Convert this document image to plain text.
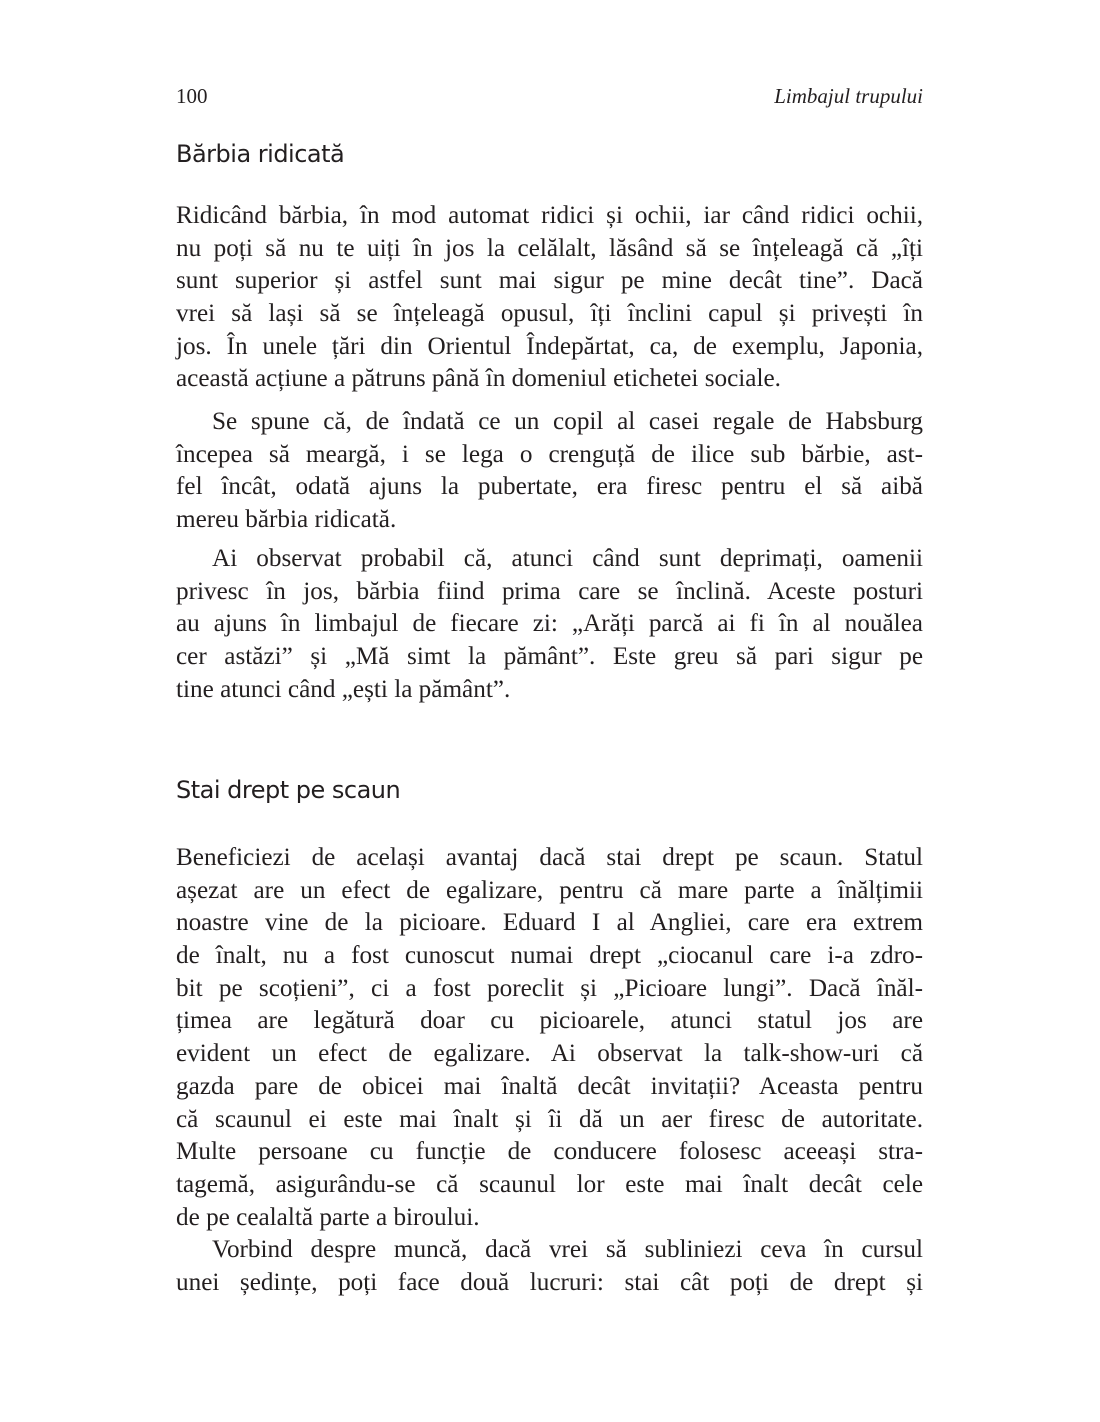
100	Limbajul trupului
Bărbia ridicată
Ridicând bărbia, în mod automat ridici și ochii, iar când ridici ochii,
nu poți să nu te uiți în jos la celălalt, lăsând să se înțeleagă că „îți
sunt superior și astfel sunt mai sigur pe mine decât tine”. Dacă
vrei să lași să se înțeleagă opusul, îți înclini capul și privești în
jos. În unele țări din Orientul Îndepărtat, ca, de exemplu, Japonia,
această acțiune a pătruns până în domeniul etichetei sociale.
Se spune că, de îndată ce un copil al casei regale de Habsburg
începea să meargă, i se lega o crenguță de ilice sub bărbie, ast-
fel încât, odată ajuns la pubertate, era firesc pentru el să aibă
mereu bărbia ridicată.
Ai observat probabil că, atunci când sunt deprimați, oamenii
privesc în jos, bărbia fiind prima care se înclină. Aceste posturi
au ajuns în limbajul de fiecare zi: „Arăți parcă ai fi în al nouălea
cer astăzi” și „Mă simt la pământ”. Este greu să pari sigur pe
tine atunci când „ești la pământ”.
Stai drept pe scaun
Beneficiezi de același avantaj dacă stai drept pe scaun. Statul
așezat are un efect de egalizare, pentru că mare parte a înălțimii
noastre vine de la picioare. Eduard I al Angliei, care era extrem
de înalt, nu a fost cunoscut numai drept „ciocanul care i-a zdro-
bit pe scoțieni”, ci a fost poreclit și „Picioare lungi”. Dacă înăl-
țimea are legătură doar cu picioarele, atunci statul jos are
evident un efect de egalizare. Ai observat la talk-show-uri că
gazda pare de obicei mai înaltă decât invitații? Aceasta pentru
că scaunul ei este mai înalt și îi dă un aer firesc de autoritate.
Multe persoane cu funcție de conducere folosesc aceeași stra-
tagemă, asigurându-se că scaunul lor este mai înalt decât cele
de pe cealaltă parte a biroului.
Vorbind despre muncă, dacă vrei să subliniezi ceva în cursul
unei ședințe, poți face două lucruri: stai cât poți de drept și
